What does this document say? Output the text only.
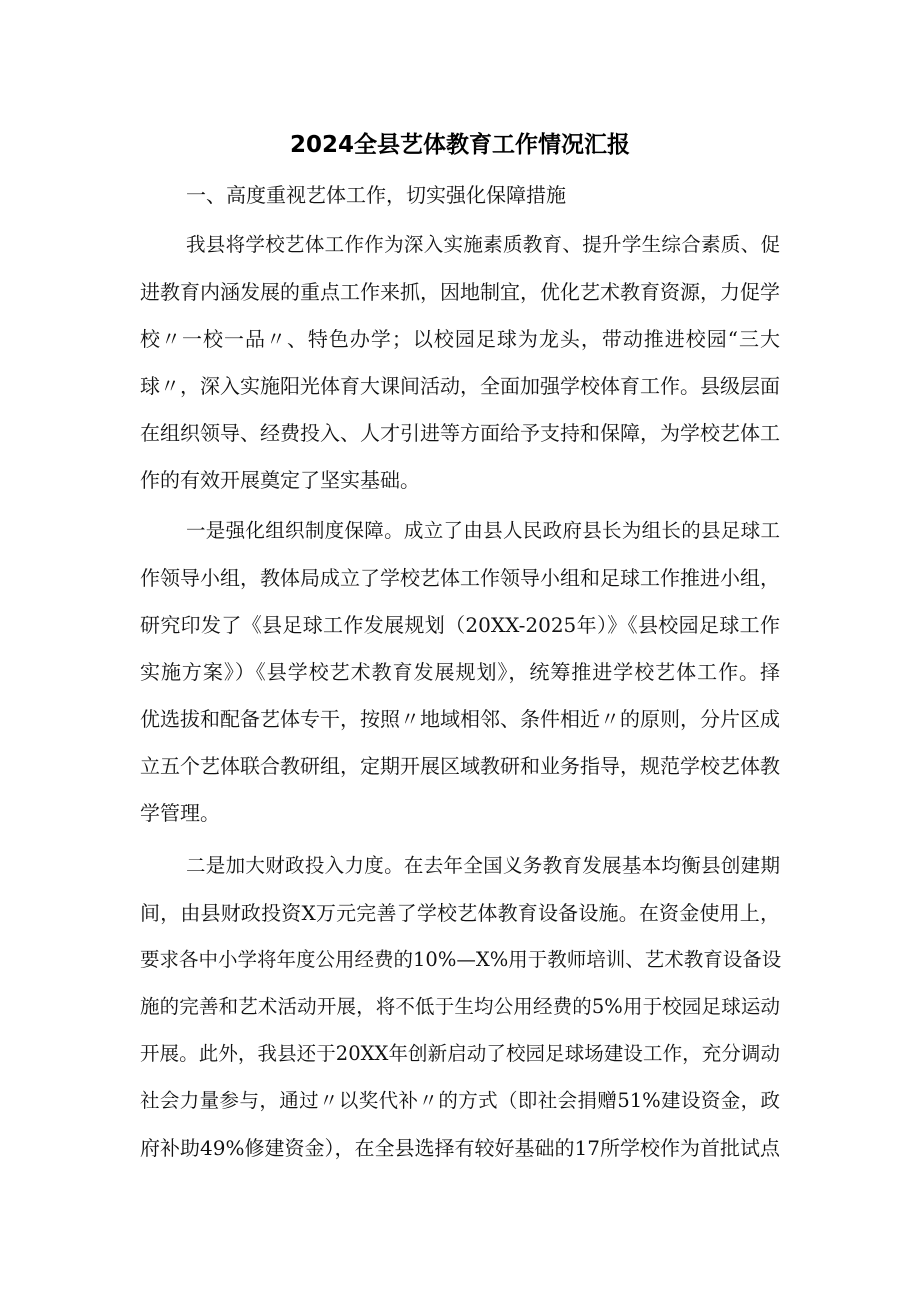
2024全县艺体教育工作情况汇报
一、高度重视艺体工作，切实强化保障措施
我县将学校艺体工作作为深入实施素质教育、提升学生综合素质、促
进教育内涵发展的重点工作来抓，因地制宜，优化艺术教育资源，力促学
校〃一校一品〃、特色办学；以校园足球为龙头，带动推进校园“三大
球〃，深入实施阳光体育大课间活动，全面加强学校体育工作。县级层面
在组织领导、经费投入、人才引进等方面给予支持和保障，为学校艺体工
作的有效开展奠定了坚实基础。
一是强化组织制度保障。成立了由县人民政府县长为组长的县足球工
作领导小组，教体局成立了学校艺体工作领导小组和足球工作推进小组，
研究印发了《县足球工作发展规划（20XX-2025年）》《县校园足球工作
实施方案》）《县学校艺术教育发展规划》，统筹推进学校艺体工作。择
优选拔和配备艺体专干，按照〃地域相邻、条件相近〃的原则，分片区成
立五个艺体联合教研组，定期开展区域教研和业务指导，规范学校艺体教
学管理。
二是加大财政投入力度。在去年全国义务教育发展基本均衡县创建期
间，由县财政投资X万元完善了学校艺体教育设备设施。在资金使用上，
要求各中小学将年度公用经费的10%—X%用于教师培训、艺术教育设备设
施的完善和艺术活动开展，将不低于生均公用经费的5%用于校园足球运动
开展。此外，我县还于20XX年创新启动了校园足球场建设工作，充分调动
社会力量参与，通过〃以奖代补〃的方式（即社会捐赠51%建设资金，政
府补助49%修建资金），在全县选择有较好基础的17所学校作为首批试点
